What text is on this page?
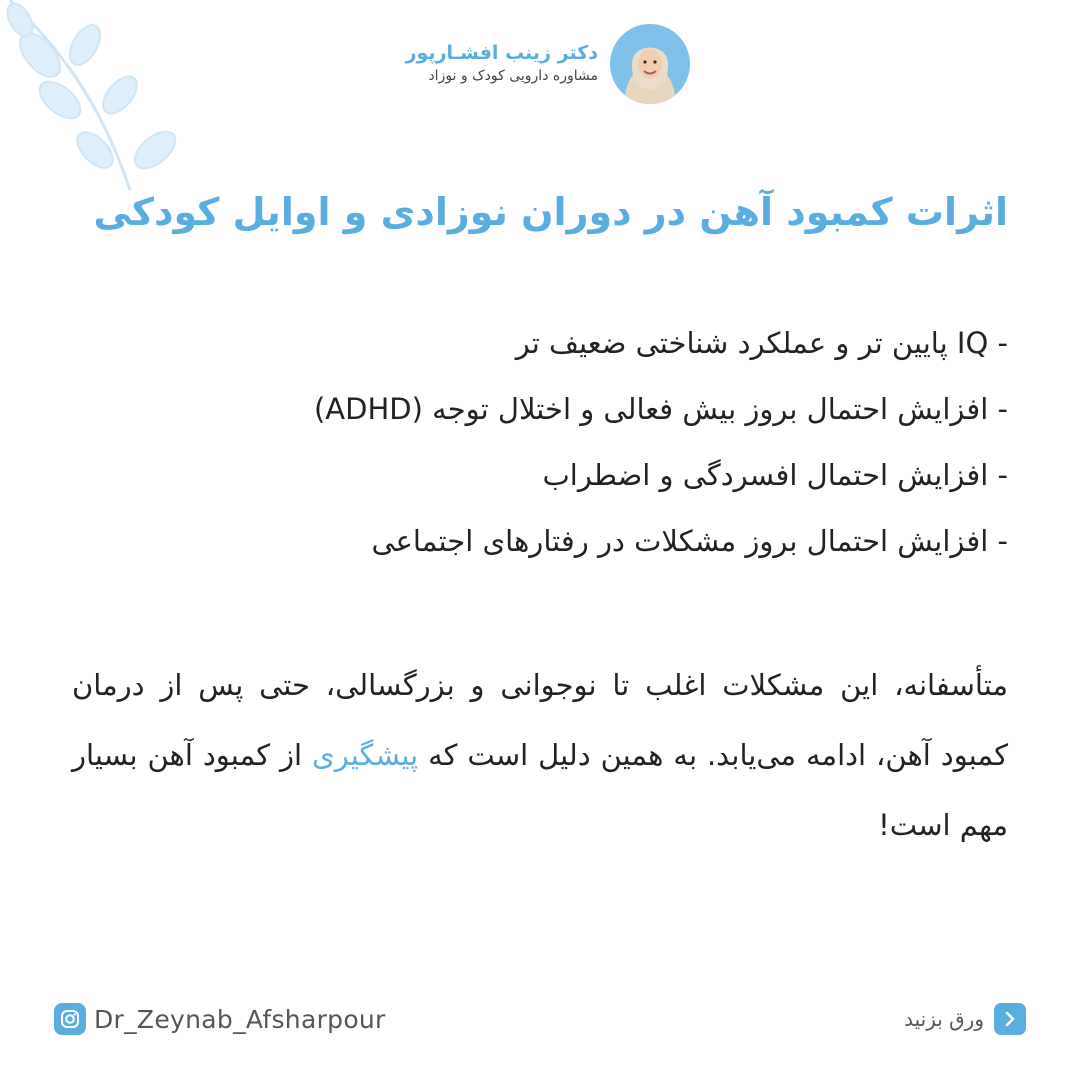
دکتر زینب افشـارپور
مشاوره دارویی کودک و نوزاد
اثرات کمبود آهن در دوران نوزادی و اوایل کودکی
- IQ پایین تر و عملکرد شناختی ضعیف تر
- افزایش احتمال بروز بیش فعالی و اختلال توجه (ADHD)
- افزایش احتمال افسردگی و اضطراب
- افزایش احتمال بروز مشکلات در رفتارهای اجتماعی

متأسفانه، این مشکلات اغلب تا نوجوانی و بزرگسالی، حتی پس از درمان کمبود آهن، ادامه می‌یابد. به همین دلیل است که پیشگیری از کمبود آهن بسیار مهم است!

Dr_Zeynab_Afsharpour	ورق بزنید
